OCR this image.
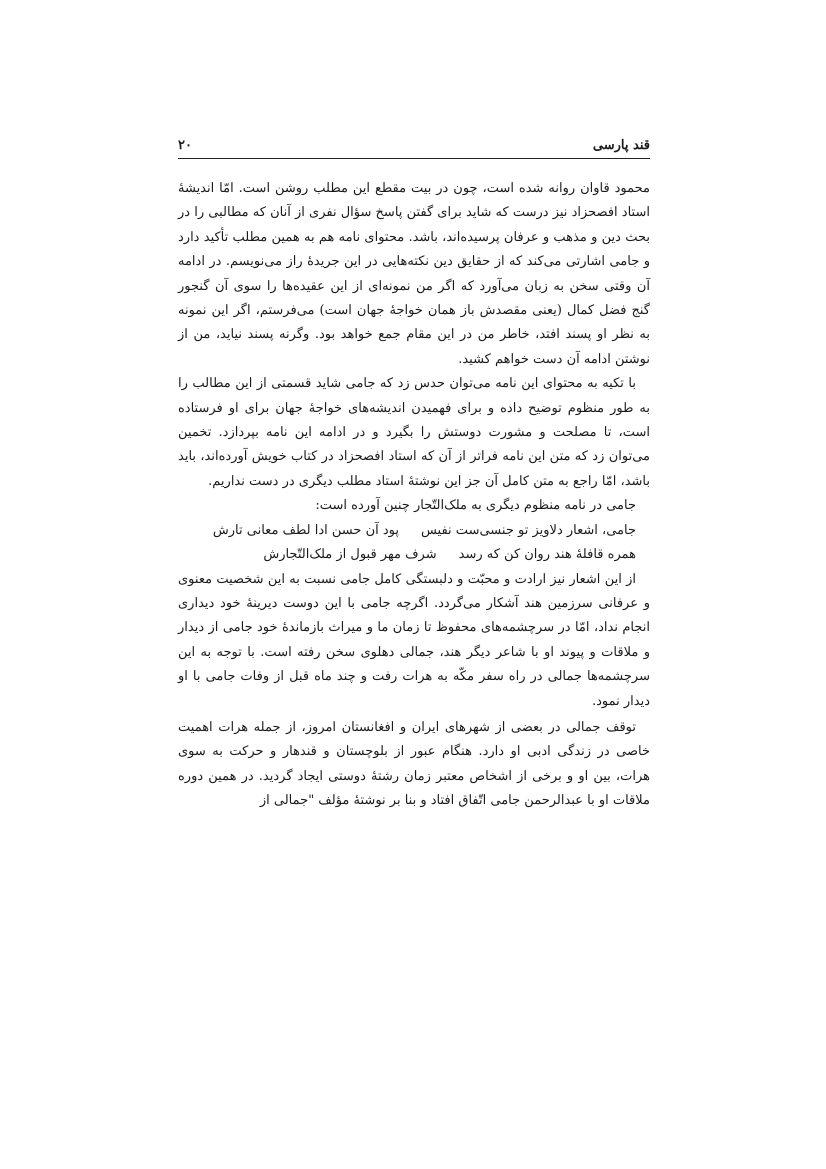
قند پارسی
۲۰

محمود قاوان روانه شده است، چون در بیت مقطع این مطلب روشن است. امّا اندیشهٔ استاد افصحزاد نیز درست که شاید برای گفتن پاسخ سؤال نفری از آنان که مطالبی را در بحث دین و مذهب و عرفان پرسیده‌اند، باشد. محتوای نامه هم به همین مطلب تأکید دارد و جامی اشارتی می‌کند که از حقایق دین نکته‌هایی در این جریدهٔ راز می‌نویسم. در ادامه آن وقتی سخن به زبان می‌آورد که اگر من نمونه‌ای از این عقیده‌ها را سوی آن گنجور گنج فضل کمال (یعنی مقصدش باز همان خواجهٔ جهان است) می‌فرستم، اگر این نمونه به نظر او پسند افتد، خاطر من در این مقام جمع خواهد بود. وگرنه پسند نیاید، من از نوشتن ادامه آن دست خواهم کشید.

با تکیه به محتوای این نامه می‌توان حدس زد که جامی شاید قسمتی از این مطالب را به طور منظوم توضیح داده و برای فهمیدن اندیشه‌های خواجهٔ جهان برای او فرستاده است، تا مصلحت و مشورت دوستش را بگیرد و در ادامه این نامه بپردازد. تخمین می‌توان زد که متن این نامه فراتر از آن که استاد افصحزاد در کتاب خویش آورده‌اند، باید باشد، امّا راجع به متن کامل آن جز این نوشتهٔ استاد مطلب دیگری در دست نداریم.

جامی در نامه منظوم دیگری به ملک‌التّجار چنین آورده است:

جامی، اشعار دلاویز تو جنسی‌ست نفیس
پود آن حسن ادا لطف معانی تارش
همره قافلهٔ هند روان کن که رسد
شرف مهر قبول از ملک‌التّجارش

از این اشعار نیز ارادت و محبّت و دلبستگی کامل جامی نسبت به این شخصیت معنوی و عرفانی سرزمین هند آشکار می‌گردد. اگرچه جامی با این دوست دیرینهٔ خود دیداری انجام نداد، امّا در سرچشمه‌های محفوظ تا زمان ما و میراث بازماندهٔ خود جامی از دیدار و ملاقات و پیوند او با شاعر دیگر هند، جمالی دهلوی سخن رفته است. با توجه به این سرچشمه‌ها جمالی در راه سفر مکّه به هرات رفت و چند ماه قبل از وفات جامی با او دیدار نمود.

توقف جمالی در بعضی از شهرهای ایران و افغانستان امروز، از جمله هرات اهمیت خاصی در زندگی ادبی او دارد. هنگام عبور از بلوچستان و قندهار و حرکت به سوی هرات، بین او و برخی از اشخاص معتبر زمان رشتهٔ دوستی ایجاد گردید. در همین دوره ملاقات او با عبدالرحمن جامی اتّفاق افتاد و بنا بر نوشتهٔ مؤلف "جمالی از
